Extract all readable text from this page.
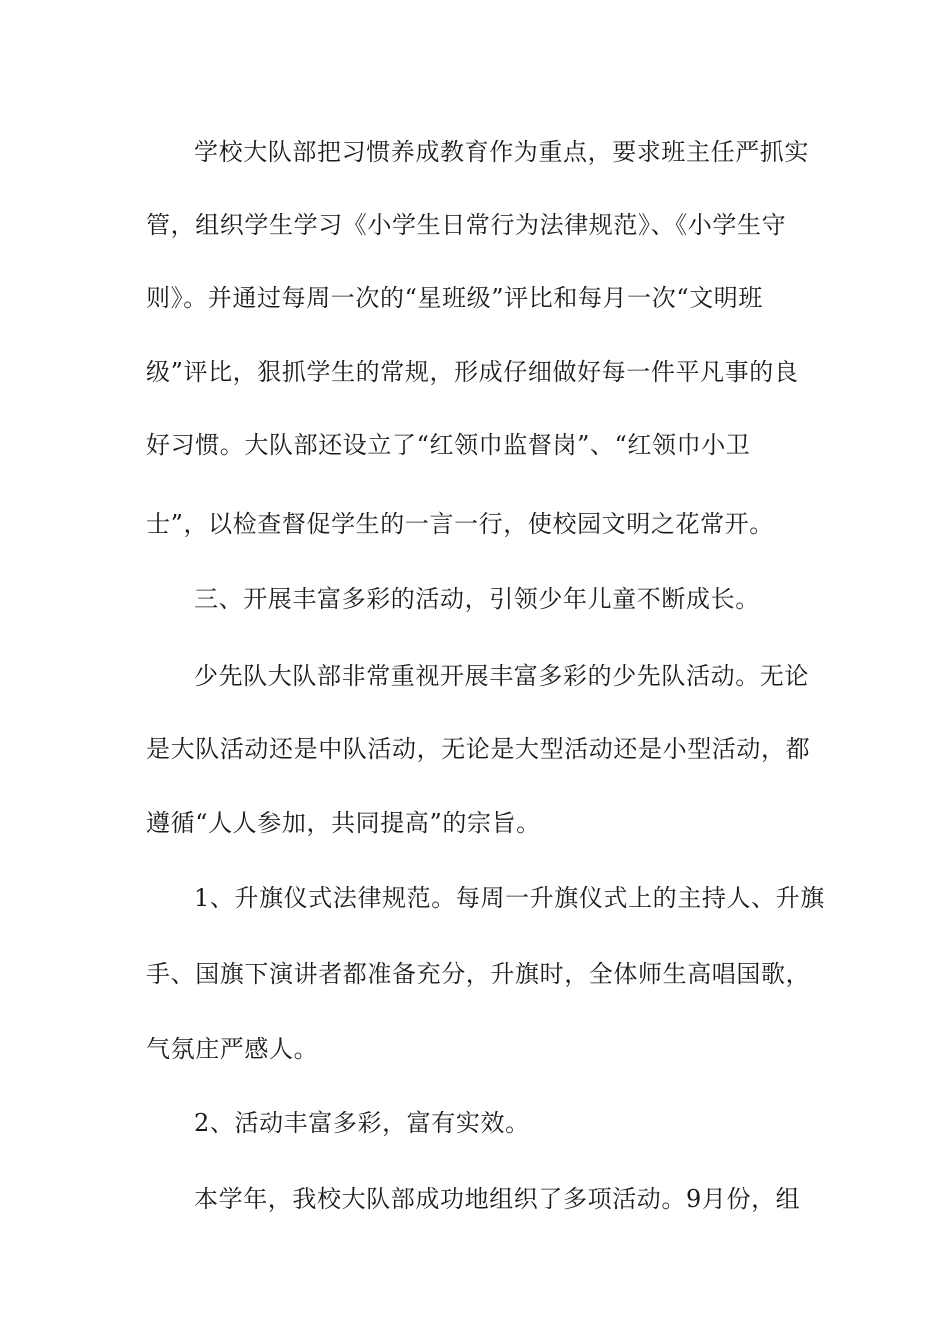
学校大队部把习惯养成教育作为重点，要求班主任严抓实
管，组织学生学习《小学生日常行为法律规范》、《小学生守
则》。并通过每周一次的“星班级”评比和每月一次“文明班
级”评比，狠抓学生的常规，形成仔细做好每一件平凡事的良
好习惯。大队部还设立了“红领巾监督岗”、“红领巾小卫
士”，以检查督促学生的一言一行，使校园文明之花常开。
三、开展丰富多彩的活动，引领少年儿童不断成长。
少先队大队部非常重视开展丰富多彩的少先队活动。无论
是大队活动还是中队活动，无论是大型活动还是小型活动，都
遵循“人人参加，共同提高”的宗旨。
1、升旗仪式法律规范。每周一升旗仪式上的主持人、升旗
手、国旗下演讲者都准备充分，升旗时，全体师生高唱国歌，
气氛庄严感人。
2、活动丰富多彩，富有实效。
本学年，我校大队部成功地组织了多项活动。9月份，组
